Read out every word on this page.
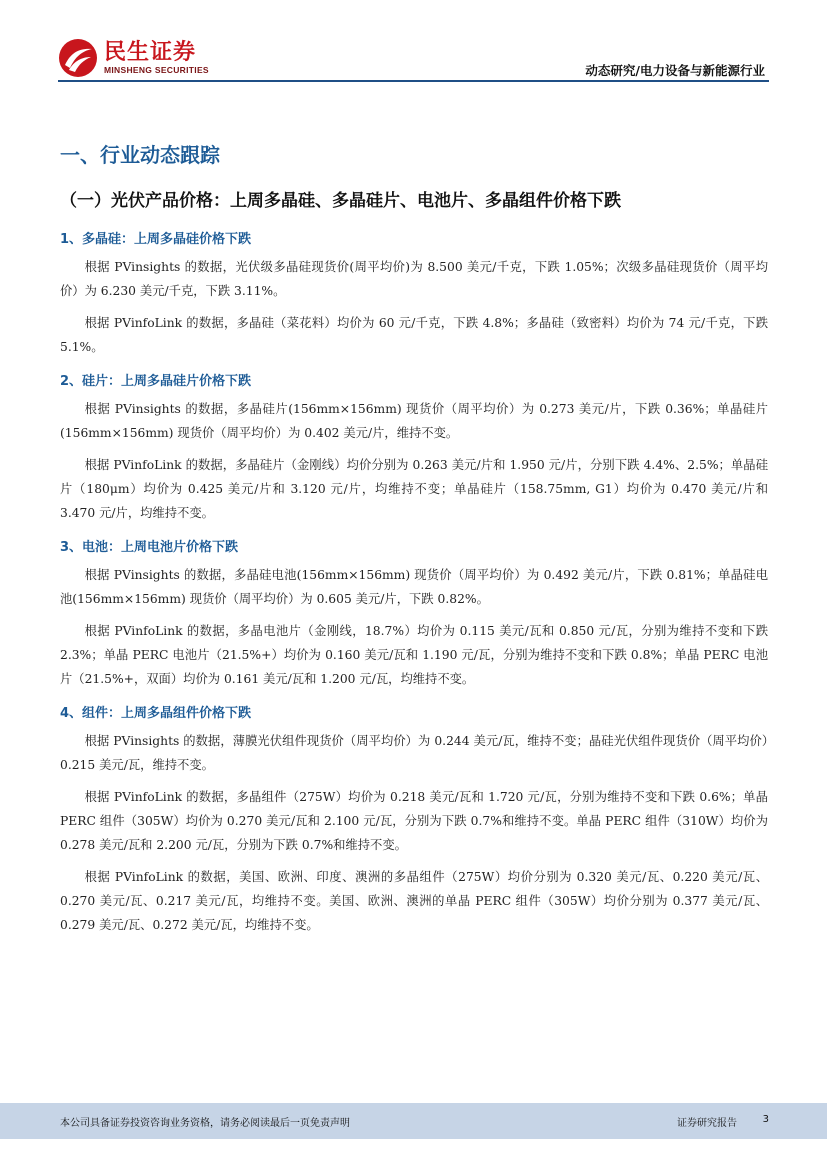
民生证券
MINSHENG SECURITIES	动态研究/电力设备与新能源行业
一、行业动态跟踪
（一）光伏产品价格：上周多晶硅、多晶硅片、电池片、多晶组件价格下跌
1、多晶硅：上周多晶硅价格下跌

根据 PVinsights 的数据，光伏级多晶硅现货价(周平均价)为 8.500 美元/千克，下跌 1.05%；次级多晶硅现货价（周平均价）为 6.230 美元/千克，下跌 3.11%。

根据 PVinfoLink 的数据，多晶硅（菜花料）均价为 60 元/千克，下跌 4.8%；多晶硅（致密料）均价为 74 元/千克，下跌 5.1%。

2、硅片：上周多晶硅片价格下跌

根据 PVinsights 的数据，多晶硅片(156mm×156mm) 现货价（周平均价）为 0.273 美元/片，下跌 0.36%；单晶硅片(156mm×156mm) 现货价（周平均价）为 0.402 美元/片，维持不变。

根据 PVinfoLink 的数据，多晶硅片（金刚线）均价分别为 0.263 美元/片和 1.950 元/片，分别下跌 4.4%、2.5%；单晶硅片（180μm）均价为 0.425 美元/片和 3.120 元/片，均维持不变；单晶硅片（158.75mm, G1）均价为 0.470 美元/片和 3.470 元/片，均维持不变。

3、电池：上周电池片价格下跌

根据 PVinsights 的数据，多晶硅电池(156mm×156mm) 现货价（周平均价）为 0.492 美元/片，下跌 0.81%；单晶硅电池(156mm×156mm) 现货价（周平均价）为 0.605 美元/片，下跌 0.82%。

根据 PVinfoLink 的数据，多晶电池片（金刚线，18.7%）均价为 0.115 美元/瓦和 0.850 元/瓦，分别为维持不变和下跌 2.3%；单晶 PERC 电池片（21.5%+）均价为 0.160 美元/瓦和 1.190 元/瓦，分别为维持不变和下跌 0.8%；单晶 PERC 电池片（21.5%+，双面）均价为 0.161 美元/瓦和 1.200 元/瓦，均维持不变。

4、组件：上周多晶组件价格下跌

根据 PVinsights 的数据，薄膜光伏组件现货价（周平均价）为 0.244 美元/瓦，维持不变；晶硅光伏组件现货价（周平均价）0.215 美元/瓦，维持不变。

根据 PVinfoLink 的数据，多晶组件（275W）均价为 0.218 美元/瓦和 1.720 元/瓦，分别为维持不变和下跌 0.6%；单晶 PERC 组件（305W）均价为 0.270 美元/瓦和 2.100 元/瓦，分别为下跌 0.7%和维持不变。单晶 PERC 组件（310W）均价为 0.278 美元/瓦和 2.200 元/瓦，分别为下跌 0.7%和维持不变。

根据 PVinfoLink 的数据，美国、欧洲、印度、澳洲的多晶组件（275W）均价分别为 0.320 美元/瓦、0.220 美元/瓦、0.270 美元/瓦、0.217 美元/瓦，均维持不变。美国、欧洲、澳洲的单晶 PERC 组件（305W）均价分别为 0.377 美元/瓦、0.279 美元/瓦、0.272 美元/瓦，均维持不变。

本公司具备证券投资咨询业务资格，请务必阅读最后一页免责声明	证券研究报告	3
